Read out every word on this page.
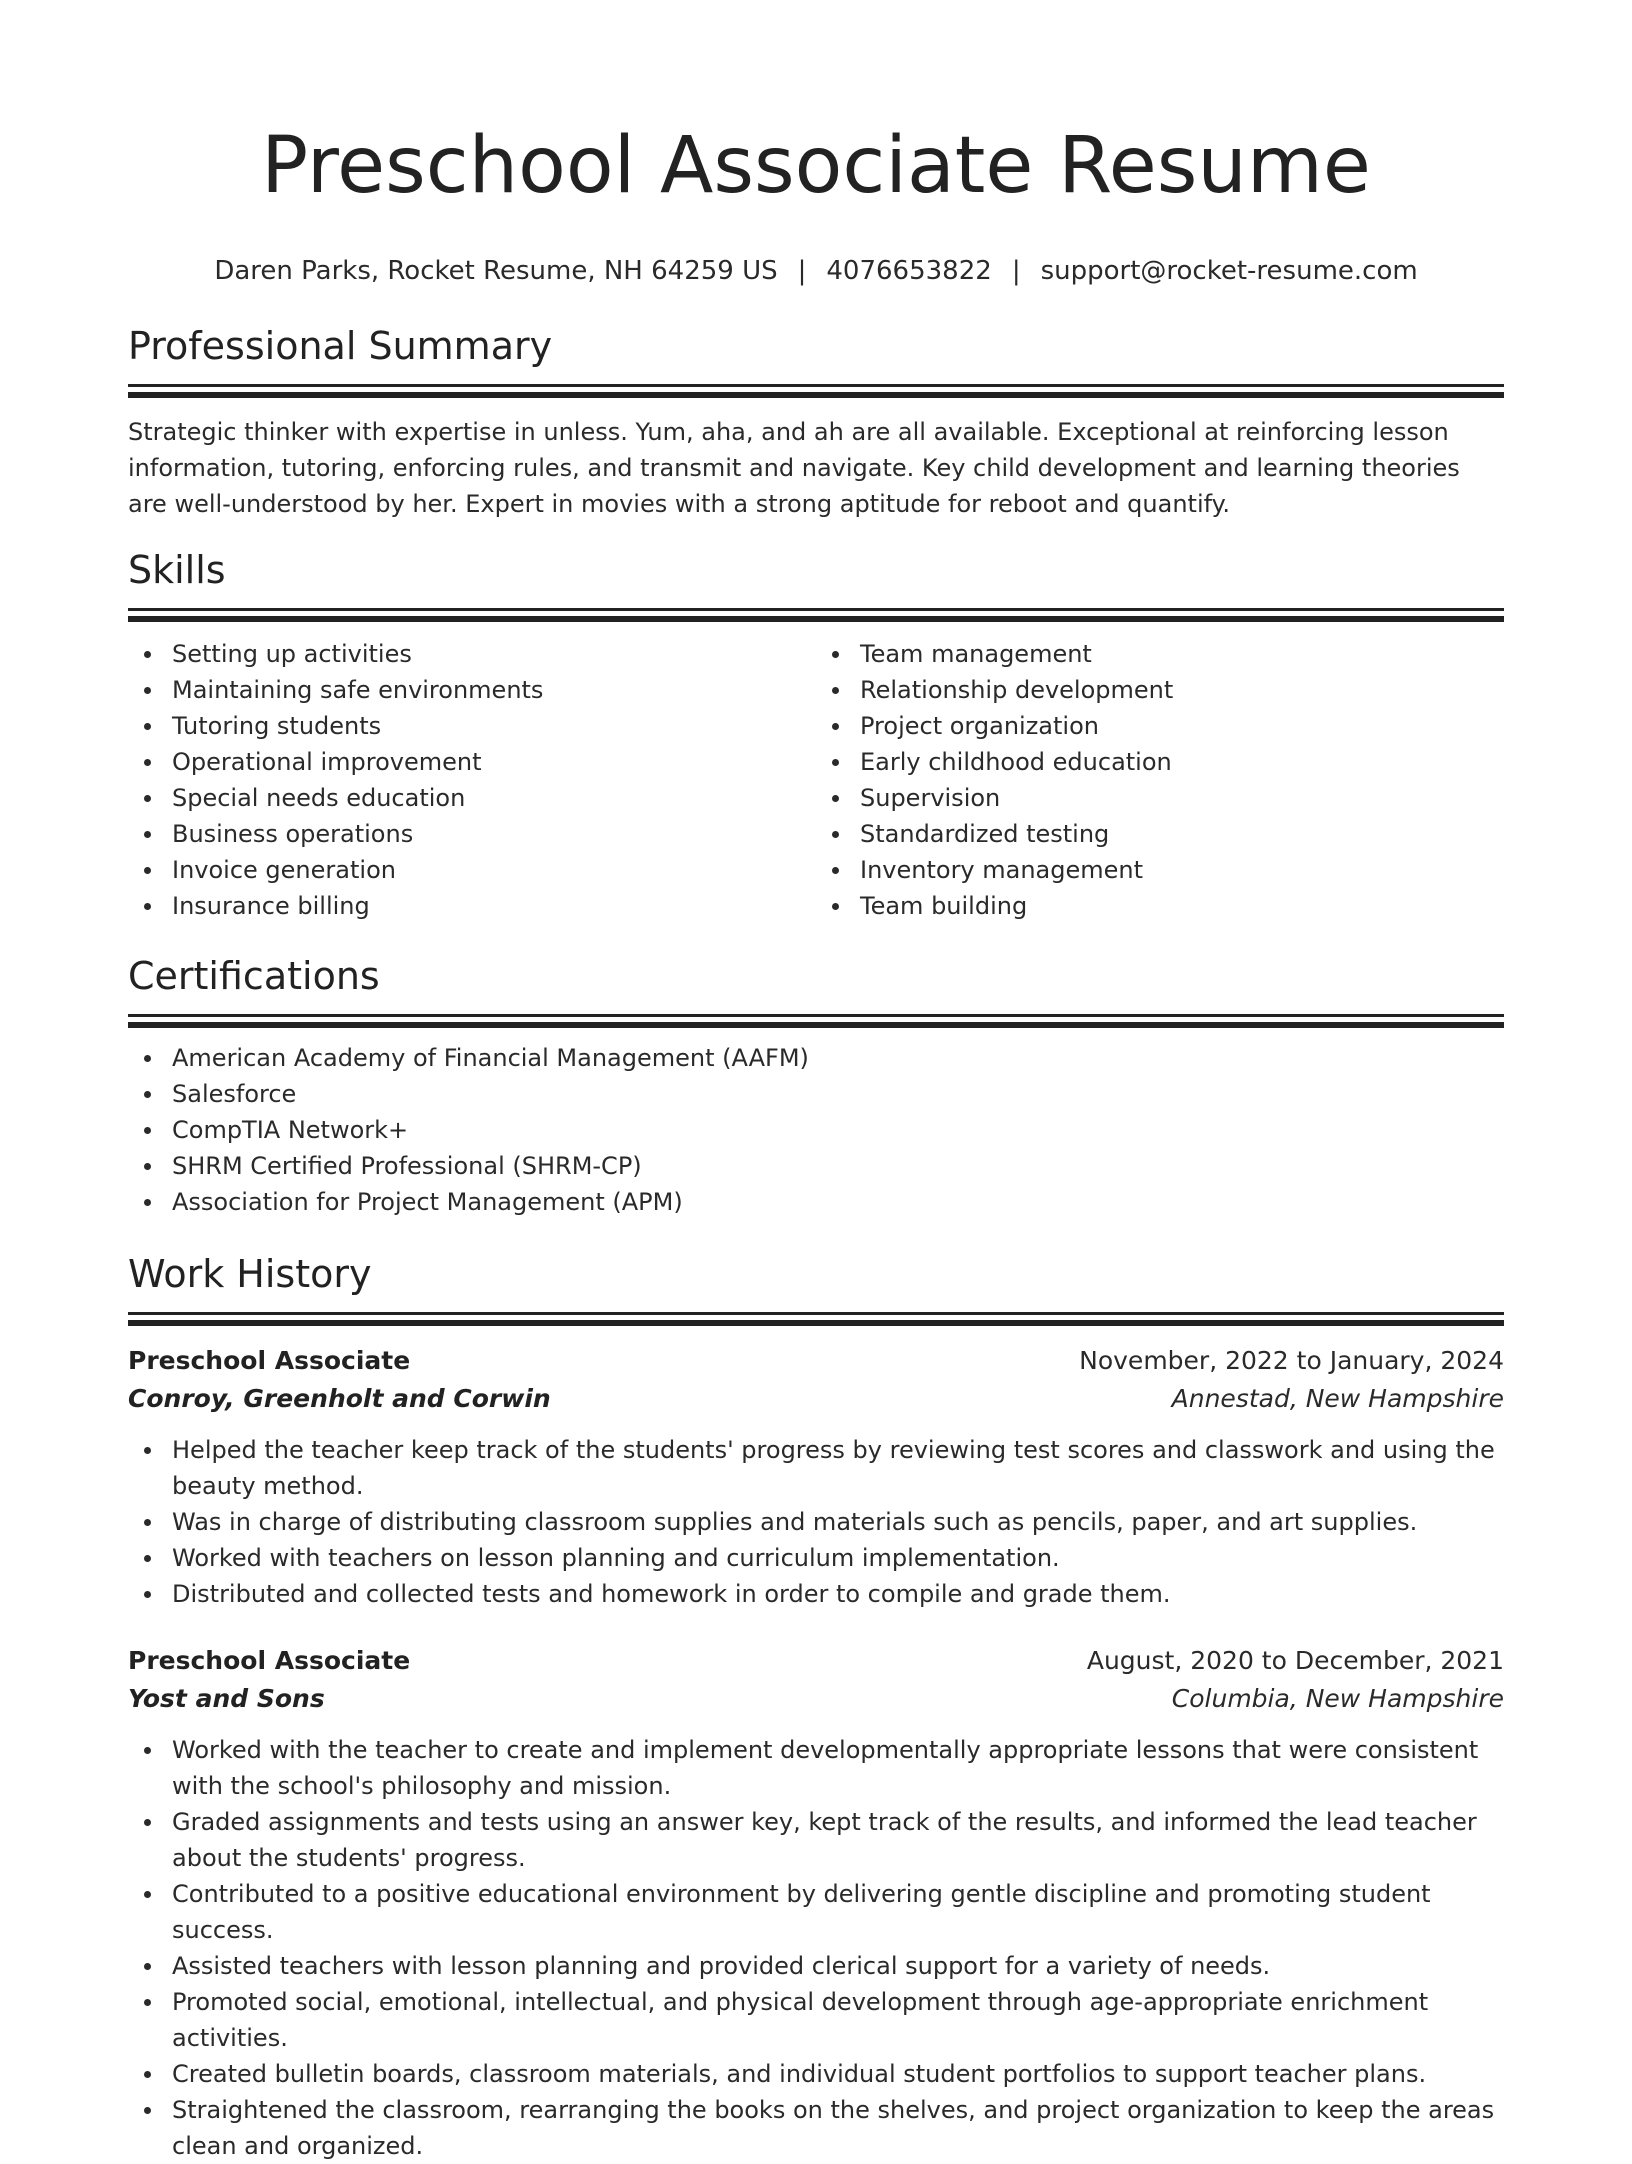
Preschool Associate Resume
Daren Parks, Rocket Resume, NH 64259 US | 4076653822 | support@rocket-resume.com
Professional Summary

Strategic thinker with expertise in unless. Yum, aha, and ah are all available. Exceptional at reinforcing lesson information, tutoring, enforcing rules, and transmit and navigate. Key child development and learning theories are well-understood by her. Expert in movies with a strong aptitude for reboot and quantify.

Skills
Setting up activities
Maintaining safe environments
Tutoring students
Operational improvement
Special needs education
Business operations
Invoice generation
Insurance billing
Team management
Relationship development
Project organization
Early childhood education
Supervision
Standardized testing
Inventory management
Team building
Certifications
American Academy of Financial Management (AAFM)
Salesforce
CompTIA Network+
SHRM Certified Professional (SHRM-CP)
Association for Project Management (APM)
Work History
Preschool Associate	November, 2022 to January, 2024
Conroy, Greenholt and Corwin	Annestad, New Hampshire
Helped the teacher keep track of the students' progress by reviewing test scores and classwork and using the beauty method.
Was in charge of distributing classroom supplies and materials such as pencils, paper, and art supplies.
Worked with teachers on lesson planning and curriculum implementation.
Distributed and collected tests and homework in order to compile and grade them.
Preschool Associate	August, 2020 to December, 2021
Yost and Sons	Columbia, New Hampshire
Worked with the teacher to create and implement developmentally appropriate lessons that were consistent with the school's philosophy and mission.
Graded assignments and tests using an answer key, kept track of the results, and informed the lead teacher about the students' progress.
Contributed to a positive educational environment by delivering gentle discipline and promoting student success.
Assisted teachers with lesson planning and provided clerical support for a variety of needs.
Promoted social, emotional, intellectual, and physical development through age-appropriate enrichment activities.
Created bulletin boards, classroom materials, and individual student portfolios to support teacher plans.
Straightened the classroom, rearranging the books on the shelves, and project organization to keep the areas clean and organized.
